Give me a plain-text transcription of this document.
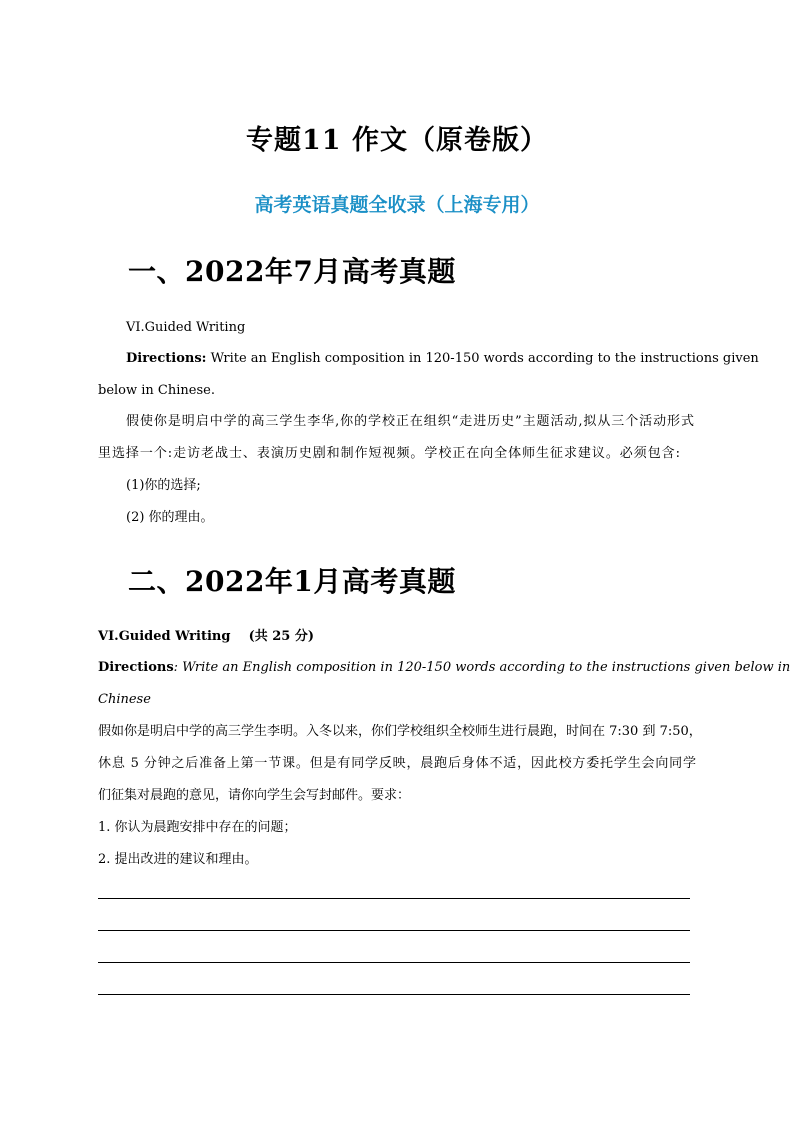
专题11 作文（原卷版）
高考英语真题全收录（上海专用）
一、2022年7月高考真题
VI.Guided Writing
Directions: Write an English composition in 120-150 words according to the instructions given
below in Chinese.
假使你是明启中学的高三学生李华,你的学校正在组织“走进历史”主题活动,拟从三个活动形式
里选择一个:走访老战士、表演历史剧和制作短视频。学校正在向全体师生征求建议。必须包含:
(1)你的选择;
(2) 你的理由。
二、2022年1月高考真题
VI.Guided Writing (共 25 分)
Directions: Write an English composition in 120-150 words according to the instructions given below in
Chinese
假如你是明启中学的高三学生李明。入冬以来，你们学校组织全校师生进行晨跑，时间在 7:30 到 7:50，
休息 5 分钟之后准备上第一节课。但是有同学反映，晨跑后身体不适，因此校方委托学生会向同学
们征集对晨跑的意见，请你向学生会写封邮件。要求：
1. 你认为晨跑安排中存在的问题；
2. 提出改进的建议和理由。
